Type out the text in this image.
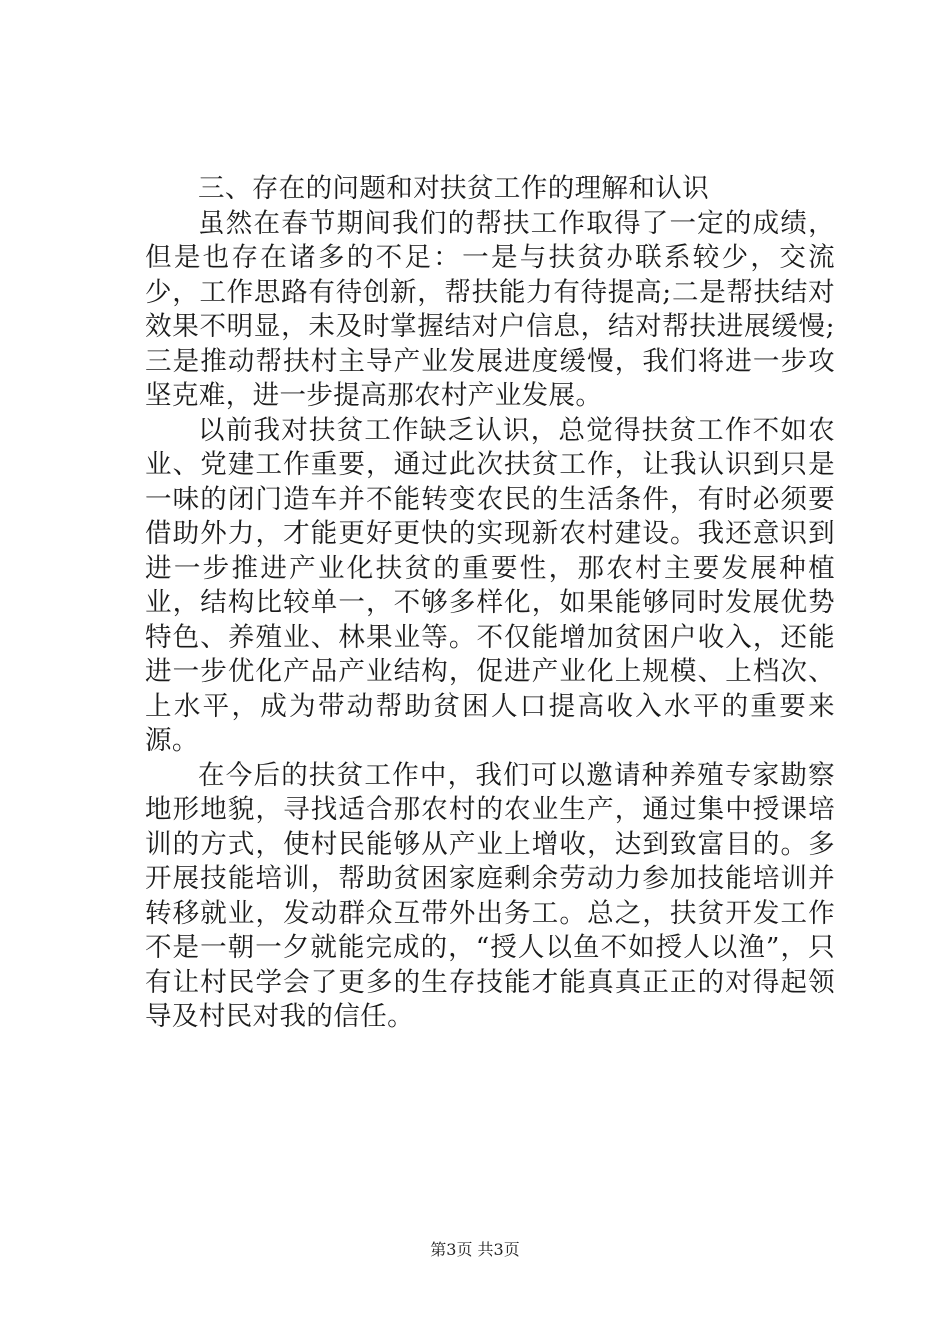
三、存在的问题和对扶贫工作的理解和认识

虽然在春节期间我们的帮扶工作取得了一定的成绩，但是也存在诸多的不足：一是与扶贫办联系较少，交流少，工作思路有待创新，帮扶能力有待提高;二是帮扶结对效果不明显，未及时掌握结对户信息，结对帮扶进展缓慢;三是推动帮扶村主导产业发展进度缓慢，我们将进一步攻坚克难，进一步提高那农村产业发展。

以前我对扶贫工作缺乏认识，总觉得扶贫工作不如农业、党建工作重要，通过此次扶贫工作，让我认识到只是一味的闭门造车并不能转变农民的生活条件，有时必须要借助外力，才能更好更快的实现新农村建设。我还意识到进一步推进产业化扶贫的重要性，那农村主要发展种植业，结构比较单一，不够多样化，如果能够同时发展优势特色、养殖业、林果业等。不仅能增加贫困户收入，还能进一步优化产品产业结构，促进产业化上规模、上档次、上水平，成为带动帮助贫困人口提高收入水平的重要来源。

在今后的扶贫工作中，我们可以邀请种养殖专家勘察地形地貌，寻找适合那农村的农业生产，通过集中授课培训的方式，使村民能够从产业上增收，达到致富目的。多开展技能培训，帮助贫困家庭剩余劳动力参加技能培训并转移就业，发动群众互带外出务工。总之，扶贫开发工作不是一朝一夕就能完成的，“授人以鱼不如授人以渔”，只有让村民学会了更多的生存技能才能真真正正的对得起领导及村民对我的信任。

第3页 共3页
